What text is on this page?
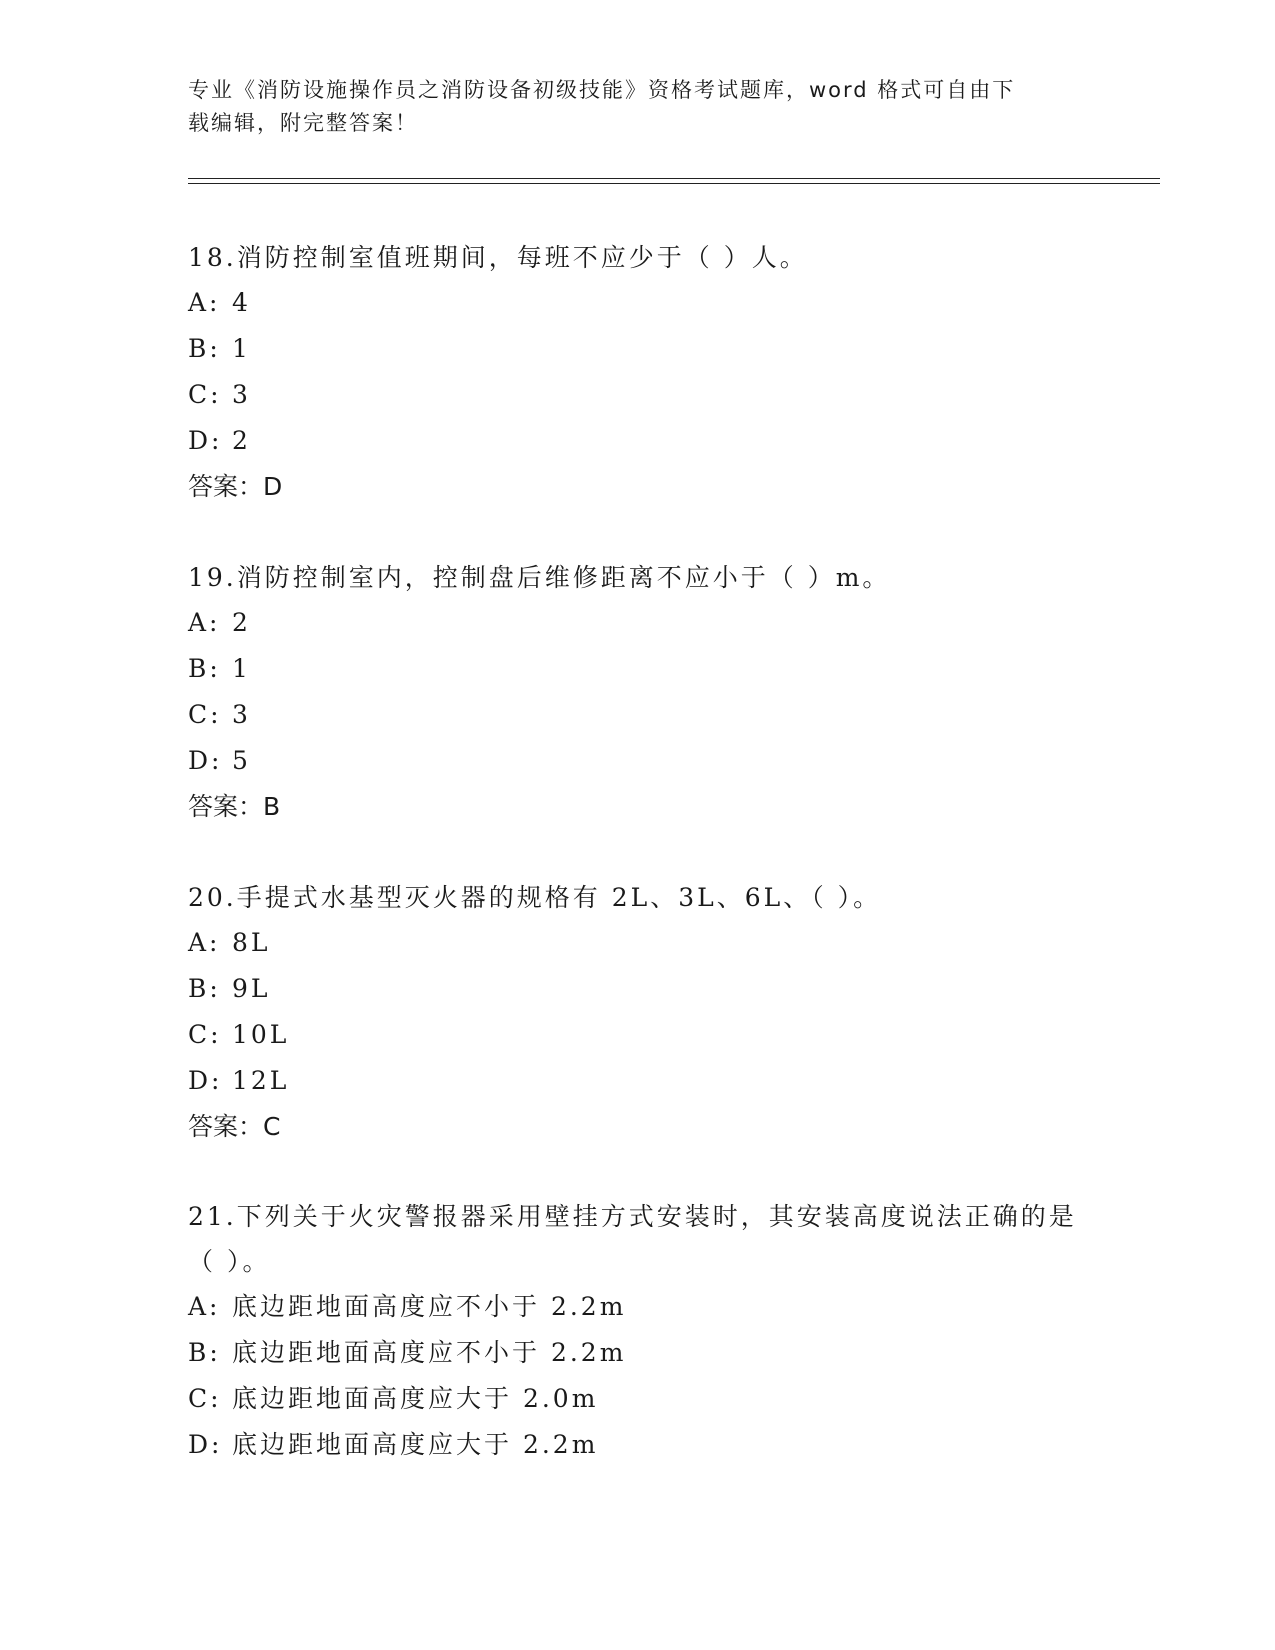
专业《消防设施操作员之消防设备初级技能》资格考试题库，word 格式可自由下
载编辑，附完整答案！

18.消防控制室值班期间，每班不应少于（ ）人。

A: 4

B: 1

C: 3

D: 2

答案：D

19.消防控制室内，控制盘后维修距离不应小于（ ）m。

A: 2

B: 1

C: 3

D: 5

答案：B

20.手提式水基型灭火器的规格有 2L、3L、6L、（ ）。

A: 8L

B: 9L

C: 10L

D: 12L

答案：C

21.下列关于火灾警报器采用壁挂方式安装时，其安装高度说法正确的是（ ）。

A: 底边距地面高度应不小于 2.2m

B: 底边距地面高度应不小于 2.2m

C: 底边距地面高度应大于 2.0m

D: 底边距地面高度应大于 2.2m
